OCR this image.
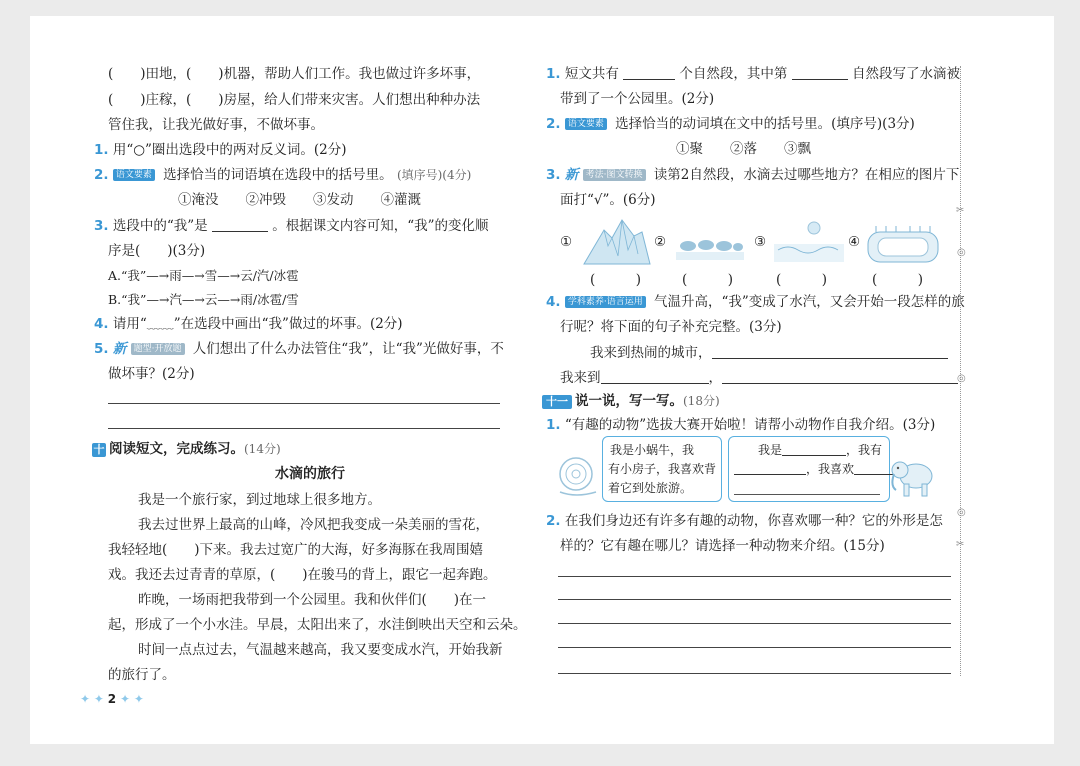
(　　)田地，(　　)机器，帮助人们工作。我也做过许多坏事，
(　　)庄稼，(　　)房屋，给人们带来灾害。人们想出种种办法
管住我，让我光做好事，不做坏事。
1. 用“○”圈出选段中的两对反义词。(2分)
2. 语文要素 选择恰当的词语填在选段中的括号里。 (填序号)(4分)
①淹没　　②冲毁　　③发动　　④灌溉
3. 选段中的“我”是	。根据课文内容可知，“我”的变化顺
序是(　　)(3分)
A.“我”—→雨—→雪—→云/汽/冰雹
B.“我”—→汽—→云—→雨/冰雹/雪
4. 请用“﹏﹏”在选段中画出“我”做过的坏事。(2分)
5. 新 题型·开放题 人们想出了什么办法管住“我”，让“我”光做好事，不
做坏事？(2分)
十 阅读短文，完成练习。(14分)
水滴的旅行
我是一个旅行家，到过地球上很多地方。
我去过世界上最高的山峰，冷风把我变成一朵美丽的雪花，
我轻轻地(　　)下来。我去过宽广的大海，好多海豚在我周围嬉
戏。我还去过青青的草原，(　　)在骏马的背上，跟它一起奔跑。
昨晚，一场雨把我带到一个公园里。我和伙伴们(　　)在一
起，形成了一个小水洼。早晨，太阳出来了，水洼倒映出天空和云朵。
时间一点点过去，气温越来越高，我又要变成水汽，开始我新
的旅行了。
✦ ✦ 2 ✦ ✦
1. 短文共有	个自然段，其中第	自然段写了水滴被
带到了一个公园里。(2分)
2. 语文要素 选择恰当的动词填在文中的括号里。(填序号)(3分)
①聚　　②落　　③飘
3. 新 考法·图文转换 读第2自然段，水滴去过哪些地方？在相应的图片下
面打“√”。(6分)
①	②	③	④
(　　　)	(　　　)	(　　　)	(　　　)
4. 学科素养·语言运用 气温升高，“我”变成了水汽，又会开始一段怎样的旅
行呢？将下面的句子补充完整。(3分)
我来到热闹的城市，
我来到	，
十一 说一说，写一写。(18分)
1. “有趣的动物”选拔大赛开始啦！请帮小动物作自我介绍。(3分)
我是小蜗牛，我
有小房子，我喜欢背
着它到处旅游。
我是	，我有
，我喜欢
2. 在我们身边还有许多有趣的动物，你喜欢哪一种？它的外形是怎
样的？它有趣在哪儿？请选择一种动物来介绍。(15分)
✂
◎
◎
◎
✂
